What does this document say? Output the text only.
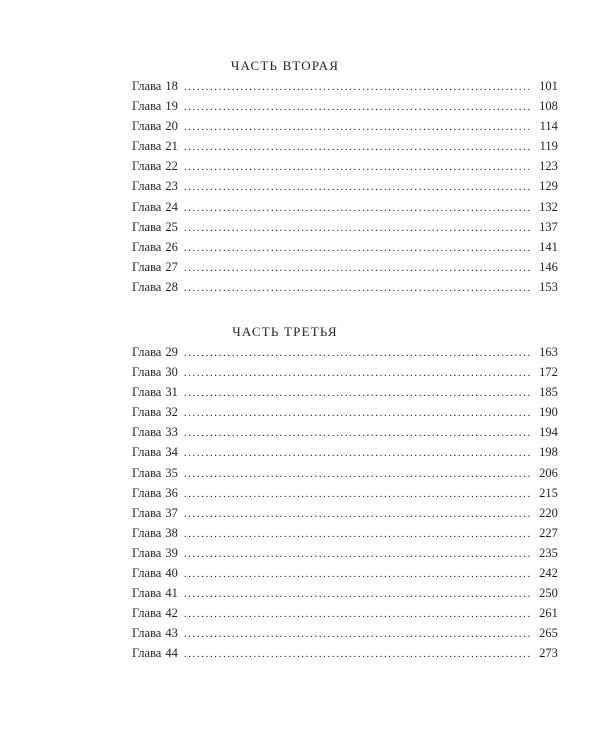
ЧАСТЬ ВТОРАЯ
Глава 18 ................................................................................ 101
Глава 19 ................................................................................ 108
Глава 20 ................................................................................ 114
Глава 21 ................................................................................ 119
Глава 22 ................................................................................ 123
Глава 23 ................................................................................ 129
Глава 24 ................................................................................ 132
Глава 25 ................................................................................ 137
Глава 26 ................................................................................ 141
Глава 27 ................................................................................ 146
Глава 28 ................................................................................ 153
ЧАСТЬ ТРЕТЬЯ
Глава 29 ................................................................................ 163
Глава 30 ................................................................................ 172
Глава 31 ................................................................................ 185
Глава 32 ................................................................................ 190
Глава 33 ................................................................................ 194
Глава 34 ................................................................................ 198
Глава 35 ................................................................................ 206
Глава 36 ................................................................................ 215
Глава 37 ................................................................................ 220
Глава 38 ................................................................................ 227
Глава 39 ................................................................................ 235
Глава 40 ................................................................................ 242
Глава 41 ................................................................................ 250
Глава 42 ................................................................................ 261
Глава 43 ................................................................................ 265
Глава 44 ................................................................................ 273
